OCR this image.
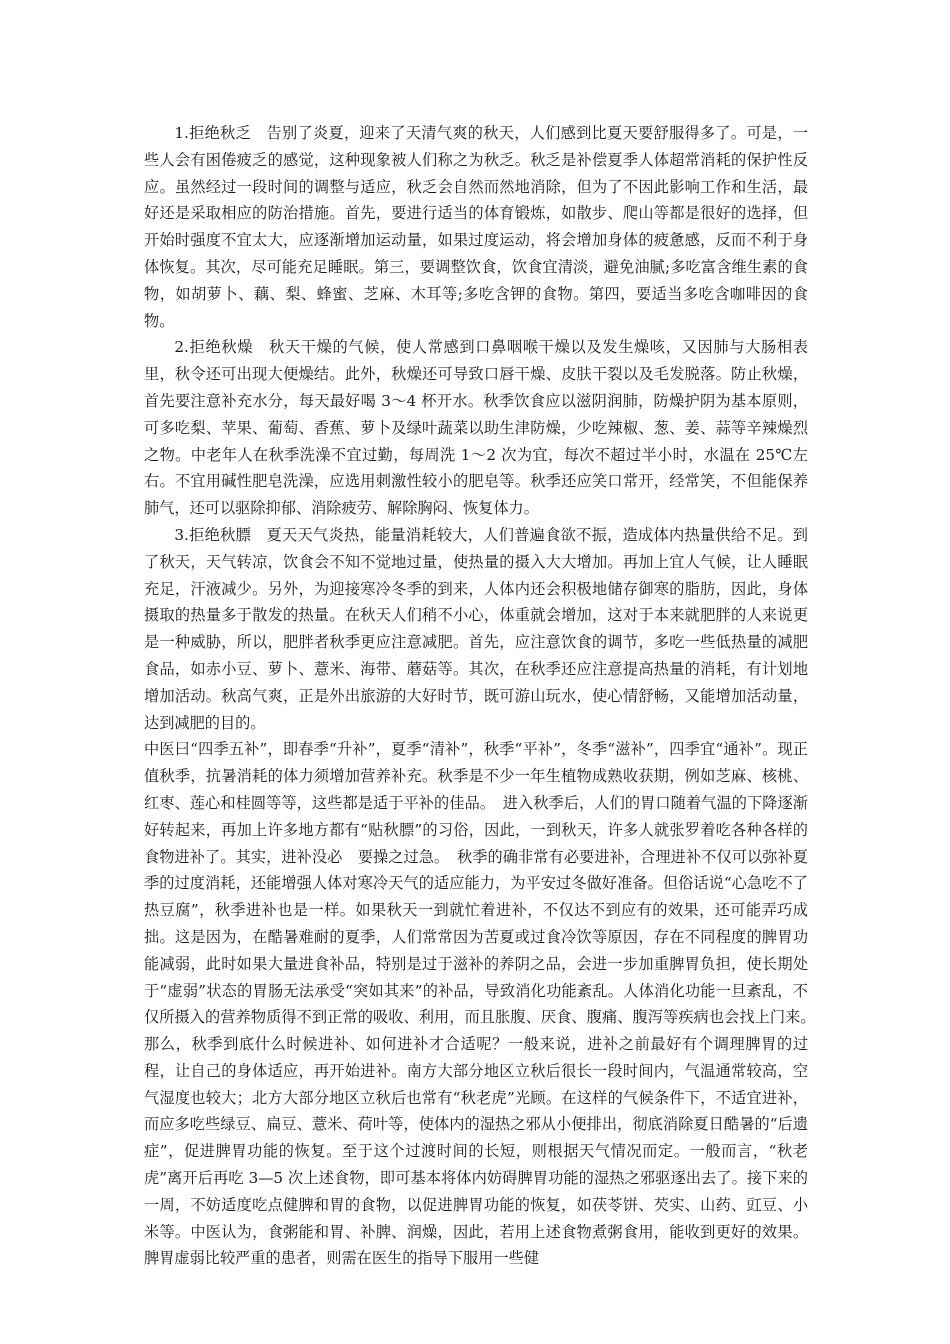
1.拒绝秋乏　告别了炎夏，迎来了天清气爽的秋天，人们感到比夏天要舒服得多了。可是，一些人会有困倦疲乏的感觉，这种现象被人们称之为秋乏。秋乏是补偿夏季人体超常消耗的保护性反应。虽然经过一段时间的调整与适应，秋乏会自然而然地消除，但为了不因此影响工作和生活，最好还是采取相应的防治措施。首先，要进行适当的体育锻炼，如散步、爬山等都是很好的选择，但开始时强度不宜太大，应逐渐增加运动量，如果过度运动，将会增加身体的疲惫感，反而不利于身体恢复。其次，尽可能充足睡眠。第三，要调整饮食，饮食宜清淡，避免油腻;多吃富含维生素的食物，如胡萝卜、藕、梨、蜂蜜、芝麻、木耳等;多吃含钾的食物。第四，要适当多吃含咖啡因的食物。

2.拒绝秋燥　秋天干燥的气候，使人常感到口鼻咽喉干燥以及发生燥咳，又因肺与大肠相表里，秋令还可出现大便燥结。此外，秋燥还可导致口唇干燥、皮肤干裂以及毛发脱落。防止秋燥，首先要注意补充水分，每天最好喝 3～4 杯开水。秋季饮食应以滋阴润肺，防燥护阴为基本原则，可多吃梨、苹果、葡萄、香蕉、萝卜及绿叶蔬菜以助生津防燥，少吃辣椒、葱、姜、蒜等辛辣燥烈之物。中老年人在秋季洗澡不宜过勤，每周洗 1～2 次为宜，每次不超过半小时，水温在 25℃左右。不宜用碱性肥皂洗澡，应选用刺激性较小的肥皂等。秋季还应笑口常开，经常笑，不但能保养肺气，还可以驱除抑郁、消除疲劳、解除胸闷、恢复体力。

3.拒绝秋膘　夏天天气炎热，能量消耗较大，人们普遍食欲不振，造成体内热量供给不足。到了秋天，天气转凉，饮食会不知不觉地过量，使热量的摄入大大增加。再加上宜人气候，让人睡眠充足，汗液减少。另外，为迎接寒冷冬季的到来，人体内还会积极地储存御寒的脂肪，因此，身体摄取的热量多于散发的热量。在秋天人们稍不小心，体重就会增加，这对于本来就肥胖的人来说更是一种威胁，所以，肥胖者秋季更应注意减肥。首先，应注意饮食的调节，多吃一些低热量的减肥食品，如赤小豆、萝卜、薏米、海带、蘑菇等。其次，在秋季还应注意提高热量的消耗，有计划地增加活动。秋高气爽，正是外出旅游的大好时节，既可游山玩水，使心情舒畅，又能增加活动量，达到减肥的目的。

中医曰“四季五补”，即春季“升补”，夏季“清补”，秋季“平补”，冬季“滋补”，四季宜“通补”。现正值秋季，抗暑消耗的体力须增加营养补充。秋季是不少一年生植物成熟收获期，例如芝麻、核桃、红枣、莲心和桂圆等等，这些都是适于平补的佳品。　进入秋季后，人们的胃口随着气温的下降逐渐好转起来，再加上许多地方都有“贴秋膘”的习俗，因此，一到秋天，许多人就张罗着吃各种各样的食物进补了。其实，进补没必　要操之过急。　秋季的确非常有必要进补，合理进补不仅可以弥补夏季的过度消耗，还能增强人体对寒冷天气的适应能力，为平安过冬做好准备。但俗话说“心急吃不了热豆腐”，秋季进补也是一样。如果秋天一到就忙着进补，不仅达不到应有的效果，还可能弄巧成拙。这是因为，在酷暑难耐的夏季，人们常常因为苦夏或过食冷饮等原因，存在不同程度的脾胃功能减弱，此时如果大量进食补品，特别是过于滋补的养阴之品，会进一步加重脾胃负担，使长期处于“虚弱”状态的胃肠无法承受“突如其来”的补品，导致消化功能紊乱。人体消化功能一旦紊乱，不仅所摄入的营养物质得不到正常的吸收、利用，而且胀腹、厌食、腹痛、腹泻等疾病也会找上门来。　那么，秋季到底什么时候进补、如何进补才合适呢？一般来说，进补之前最好有个调理脾胃的过程，让自己的身体适应，再开始进补。南方大部分地区立秋后很长一段时间内，气温通常较高，空气湿度也较大；北方大部分地区立秋后也常有“秋老虎”光顾。在这样的气候条件下，不适宜进补，而应多吃些绿豆、扁豆、薏米、荷叶等，使体内的湿热之邪从小便排出，彻底消除夏日酷暑的“后遗症”，促进脾胃功能的恢复。至于这个过渡时间的长短，则根据天气情况而定。一般而言，“秋老虎”离开后再吃 3—5 次上述食物，即可基本将体内妨碍脾胃功能的湿热之邪驱逐出去了。接下来的一周，不妨适度吃点健脾和胃的食物，以促进脾胃功能的恢复，如茯苓饼、芡实、山药、豇豆、小米等。中医认为，食粥能和胃、补脾、润燥，因此，若用上述食物煮粥食用，能收到更好的效果。脾胃虚弱比较严重的患者，则需在医生的指导下服用一些健
